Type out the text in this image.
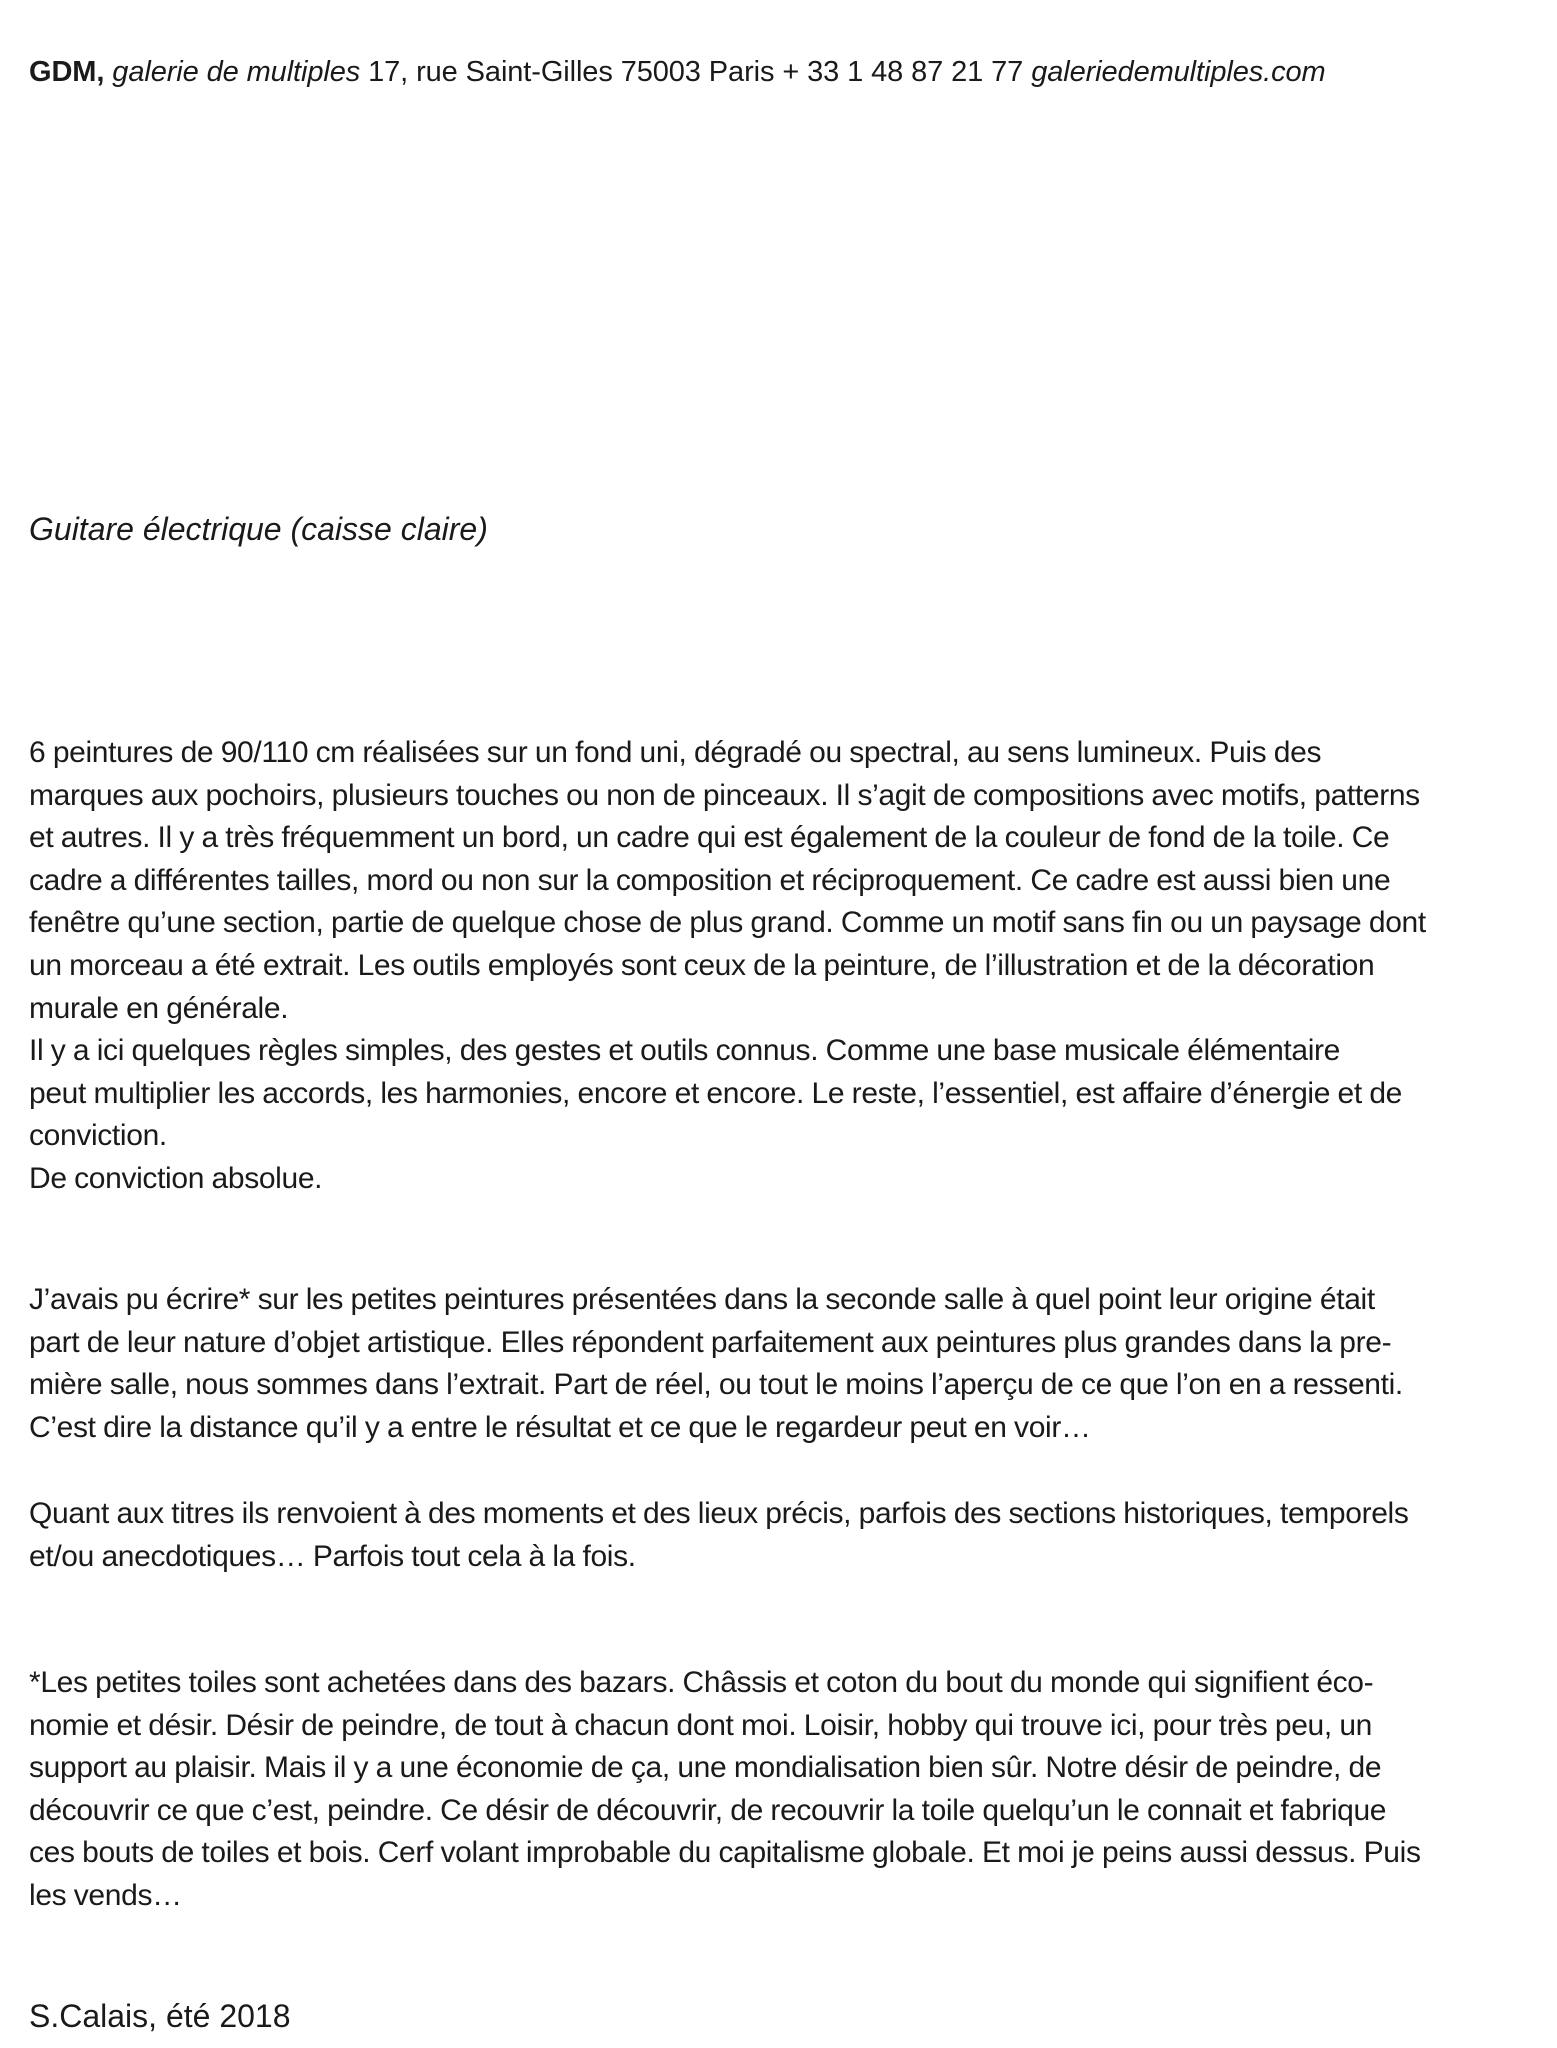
GDM, galerie de multiples 17, rue Saint-Gilles 75003 Paris + 33 1 48 87 21 77 galeriedemultiples.com
Guitare électrique (caisse claire)
6 peintures de 90/110 cm réalisées sur un fond uni, dégradé ou spectral, au sens lumineux. Puis des
marques aux pochoirs, plusieurs touches ou non de pinceaux. Il s’agit de compositions avec motifs, patterns
et autres. Il y a très fréquemment un bord, un cadre qui est également de la couleur de fond de la toile. Ce
cadre a différentes tailles, mord ou non sur la composition et réciproquement. Ce cadre est aussi bien une
fenêtre qu’une section, partie de quelque chose de plus grand. Comme un motif sans fin ou un paysage dont
un morceau a été extrait. Les outils employés sont ceux de la peinture, de l’illustration et de la décoration
murale en générale.
Il y a ici quelques règles simples, des gestes et outils connus. Comme une base musicale élémentaire
peut multiplier les accords, les harmonies, encore et encore. Le reste, l’essentiel, est affaire d’énergie et de
conviction.
De conviction absolue.
J’avais pu écrire* sur les petites peintures présentées dans la seconde salle à quel point leur origine était
part de leur nature d’objet artistique. Elles répondent parfaitement aux peintures plus grandes dans la pre-
mière salle, nous sommes dans l’extrait. Part de réel, ou tout le moins l’aperçu de ce que l’on en a ressenti.
C’est dire la distance qu’il y a entre le résultat et ce que le regardeur peut en voir…
Quant aux titres ils renvoient à des moments et des lieux précis, parfois des sections historiques, temporels
et/ou anecdotiques… Parfois tout cela à la fois.
*Les petites toiles sont achetées dans des bazars. Châssis et coton du bout du monde qui signifient éco-
nomie et désir. Désir de peindre, de tout à chacun dont moi. Loisir, hobby qui trouve ici, pour très peu, un
support au plaisir. Mais il y a une économie de ça, une mondialisation bien sûr. Notre désir de peindre, de
découvrir ce que c’est, peindre. Ce désir de découvrir, de recouvrir la toile quelqu’un le connait et fabrique
ces bouts de toiles et bois. Cerf volant improbable du capitalisme globale. Et moi je peins aussi dessus. Puis
les vends…
S.Calais, été 2018
